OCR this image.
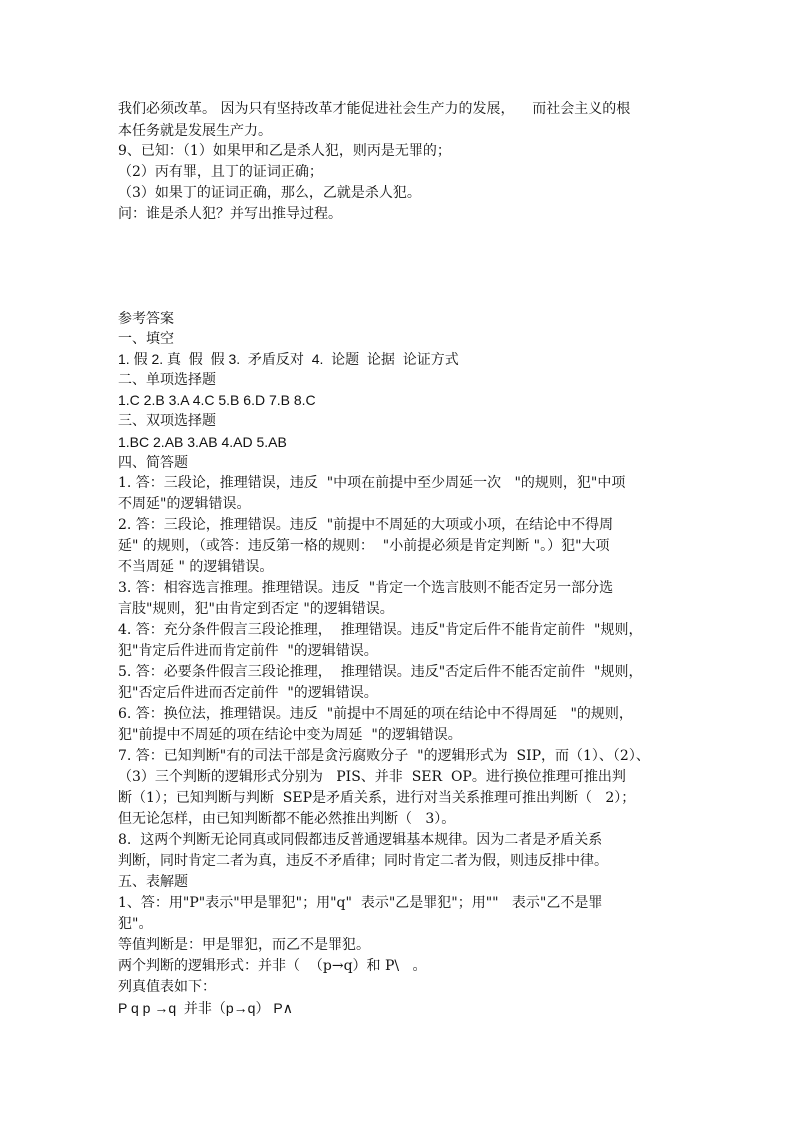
我们必须改革。 因为只有坚持改革才能促进社会生产力的发展，    而社会主义的根
本任务就是发展生产力。
9、已知：（1）如果甲和乙是杀人犯，则丙是无罪的；
（2）丙有罪，且丁的证词正确；
（3）如果丁的证词正确，那么，乙就是杀人犯。
问：谁是杀人犯？并写出推导过程。
参考答案
一、填空
1. 假 2. 真  假  假 3.  矛盾反对  4.  论题  论据  论证方式
二、单项选择题
1.C 2.B 3.A 4.C 5.B 6.D 7.B 8.C
三、双项选择题
1.BC 2.AB 3.AB 4.AD 5.AB
四、简答题
1. 答：三段论，推理错误，违反  "中项在前提中至少周延一次   "的规则，犯"中项
不周延"的逻辑错误。
2. 答：三段论，推理错误。违反  "前提中不周延的大项或小项，在结论中不得周
延" 的规则，（或答：违反第一格的规则：  "小前提必须是肯定判断 "。）犯"大项
不当周延 " 的逻辑错误。
3. 答：相容选言推理。推理错误。违反  "肯定一个选言肢则不能否定另一部分选
言肢"规则，犯"由肯定到否定 "的逻辑错误。
4. 答：充分条件假言三段论推理，  推理错误。违反"肯定后件不能肯定前件  "规则，
犯"肯定后件进而肯定前件  "的逻辑错误。
5. 答：必要条件假言三段论推理，  推理错误。违反"否定后件不能否定前件  "规则，
犯"否定后件进而否定前件  "的逻辑错误。
6. 答：换位法，推理错误。违反  "前提中不周延的项在结论中不得周延   "的规则，
犯"前提中不周延的项在结论中变为周延  "的逻辑错误。
7. 答：已知判断"有的司法干部是贪污腐败分子  "的逻辑形式为  SIP，而（1）、（2）、
（3）三个判断的逻辑形式分别为   PIS、并非  SER  OP。进行换位推理可推出判
断（1）；已知判断与判断  SEP是矛盾关系，进行对当关系推理可推出判断（   2）；
但无论怎样，由已知判断都不能必然推出判断（   3）。
8.  这两个判断无论同真或同假都违反普通逻辑基本规律。因为二者是矛盾关系
判断，同时肯定二者为真，违反不矛盾律；同时肯定二者为假，则违反排中律。
五、表解题
1、答：用"P"表示"甲是罪犯"；用"q"  表示"乙是罪犯"；用""   表示"乙不是罪
犯"。
等值判断是：甲是罪犯，而乙不是罪犯。
两个判断的逻辑形式：并非（  （p→q）和 P\   。
列真值表如下：
P q p →q  并非（p→q） P∧
